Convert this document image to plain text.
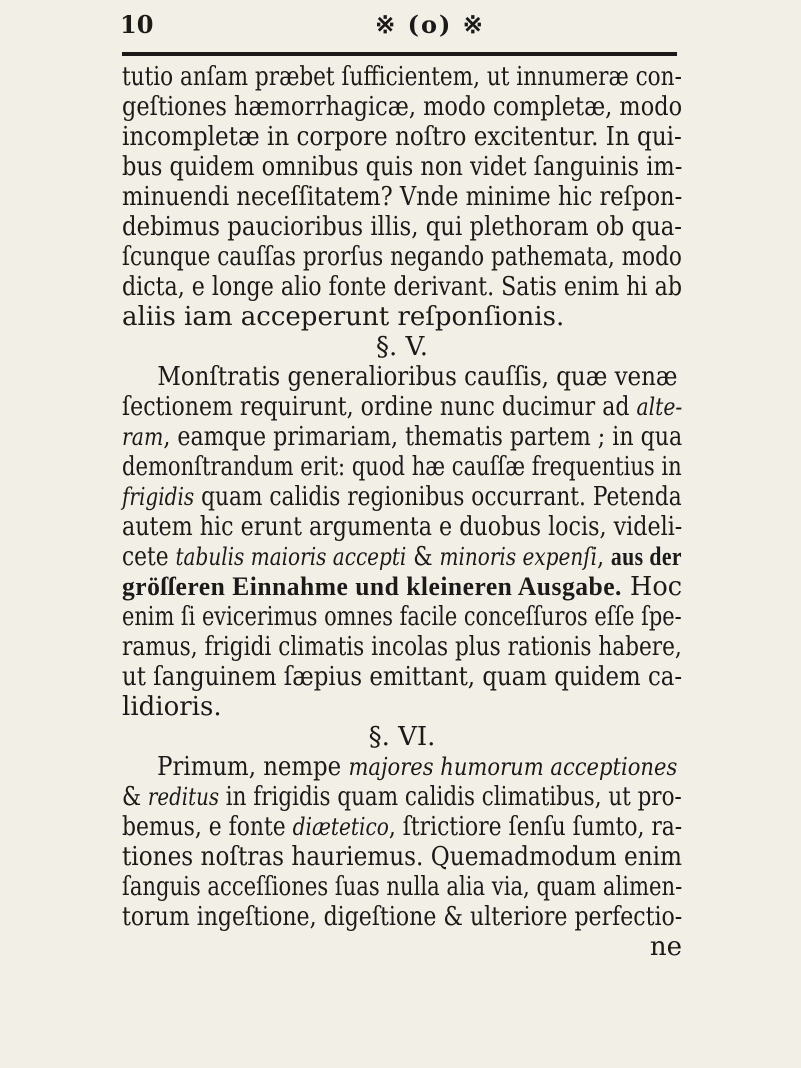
10	※ (o) ※
tutio anſam præbet ſufficientem, ut innumeræ con-
geſtiones hæmorrhagicæ, modo completæ, modo
incompletæ in corpore noſtro excitentur. In qui-
bus quidem omnibus quis non videt ſanguinis im-
minuendi neceſſitatem? Vnde minime hic reſpon-
debimus paucioribus illis, qui plethoram ob qua-
ſcunque cauſſas prorſus negando pathemata, modo
dicta, e longe alio fonte derivant. Satis enim hi ab
aliis iam acceperunt reſponſionis.
§. V.
Monſtratis generalioribus cauſſis, quæ venæ
ſectionem requirunt, ordine nunc ducimur ad alte-
ram, eamque primariam, thematis partem ; in qua
demonſtrandum erit: quod hæ cauſſæ frequentius in
frigidis quam calidis regionibus occurrant. Petenda
autem hic erunt argumenta e duobus locis, videli-
cete tabulis maioris accepti & minoris expenſi, aus der
gröſſeren Einnahme und kleineren Ausgabe. Hoc
enim ſi evicerimus omnes facile conceſſuros eſſe ſpe-
ramus, frigidi climatis incolas plus rationis habere,
ut ſanguinem ſæpius emittant, quam quidem ca-
lidioris.
§. VI.
Primum, nempe majores humorum acceptiones
& reditus in frigidis quam calidis climatibus, ut pro-
bemus, e fonte diætetico, ſtrictiore ſenſu ſumto, ra-
tiones noſtras hauriemus. Quemadmodum enim
ſanguis acceſſiones ſuas nulla alia via, quam alimen-
torum ingeſtione, digeſtione & ulteriore perfectio-
ne
